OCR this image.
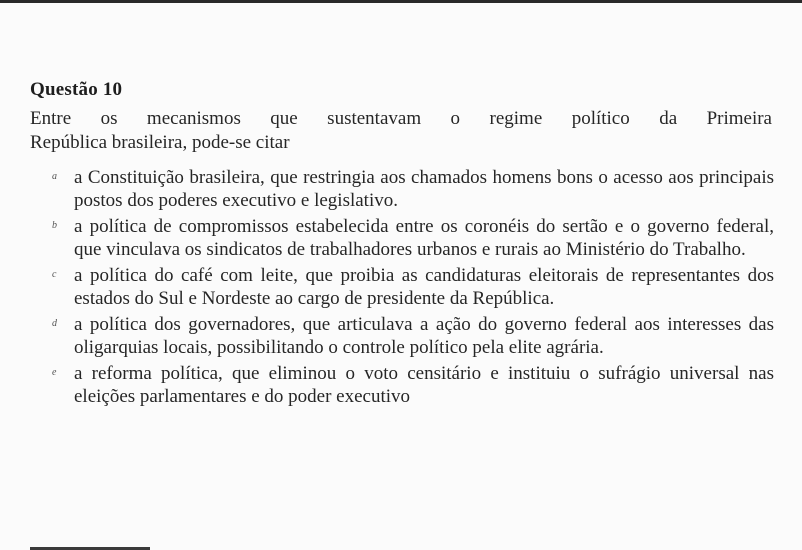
Questão 10
Entre os mecanismos que sustentavam o regime político da Primeira
República brasileira, pode-se citar
a a Constituição brasileira, que restringia aos chamados homens bons o acesso aos principais postos dos poderes executivo e legislativo.
b a política de compromissos estabelecida entre os coronéis do sertão e o governo federal, que vinculava os sindicatos de trabalhadores urbanos e rurais ao Ministério do Trabalho.
c a política do café com leite, que proibia as candidaturas eleitorais de representantes dos estados do Sul e Nordeste ao cargo de presidente da República.
d a política dos governadores, que articulava a ação do governo federal aos interesses das oligarquias locais, possibilitando o controle político pela elite agrária.
e a reforma política, que eliminou o voto censitário e instituiu o sufrágio universal nas eleições parlamentares e do poder executivo
